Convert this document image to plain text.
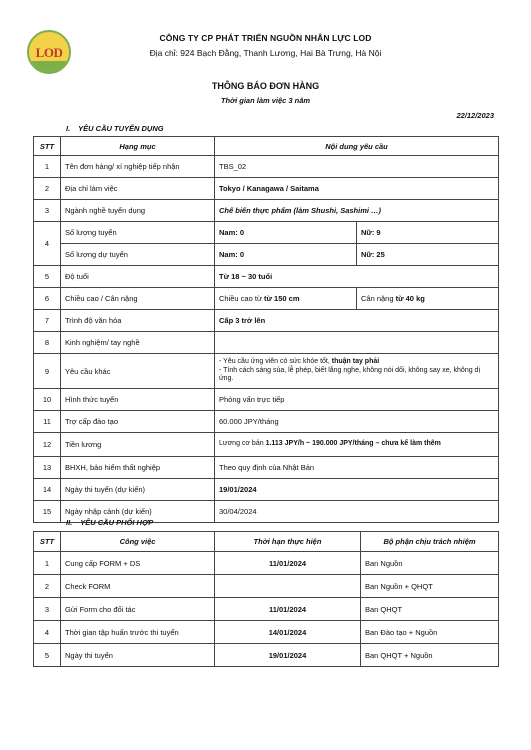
LOD
CÔNG TY CP PHÁT TRIỂN NGUỒN NHÂN LỰC LOD
Địa chỉ: 924 Bạch Đằng, Thanh Lương, Hai Bà Trưng, Hà Nội
THÔNG BÁO ĐƠN HÀNG
Thời gian làm việc 3 năm
22/12/2023
I. YÊU CẦU TUYỂN DỤNG
STT	Hạng mục	Nội dung yêu cầu	
1	Tên đơn hàng/ xí nghiệp tiếp nhận	TBS_02	
2	Địa chỉ làm việc	Tokyo / Kanagawa / Saitama	
3	Ngành nghề tuyển dụng	Chế biến thực phẩm (làm Shushi, Sashimi …)	
4	Số lượng tuyển	Nam: 0	Nữ: 9
	Số lượng dự tuyển	Nam: 0	Nữ: 25
5	Độ tuổi	Từ 18 ~ 30 tuổi	
6	Chiều cao / Cân nặng	Chiều cao từ từ 150 cm	Cân nặng từ 40 kg
7	Trình độ văn hóa	Cấp 3 trở lên	
8	Kinh nghiệm/ tay nghề		
9	Yêu cầu khác	- Yêu cầu ứng viên có sức khỏe tốt, thuận tay phải
- Tính cách sáng sủa, lễ phép, biết lắng nghe, không nói dối, không say xe, không dị ứng.	

10	Hình thức tuyển	Phỏng vấn trực tiếp	
11	Trợ cấp đào tạo	60.000 JPY/tháng	
12	Tiền lương	Lương cơ bản 1.113 JPY/h ~ 190.000 JPY/tháng – chưa kể làm thêm	
13	BHXH, bảo hiểm thất nghiệp	Theo quy định của Nhật Bản	
14	Ngày thi tuyển (dự kiến)	19/01/2024	
15	Ngày nhập cảnh (dự kiến)	30/04/2024	
II. YÊU CẦU PHỐI HỢP
STT	Công việc	Thời hạn thực hiện	Bộ phận chịu trách nhiệm
1	Cung cấp FORM + DS	11/01/2024	Ban Nguồn
2	Check FORM		Ban Nguồn + QHQT
3	Gửi Form cho đối tác	11/01/2024	Ban QHQT
4	Thời gian tập huấn trước thi tuyển	14/01/2024	Ban Đào tạo + Nguồn
5	Ngày thi tuyển	19/01/2024	Ban QHQT + Nguồn
